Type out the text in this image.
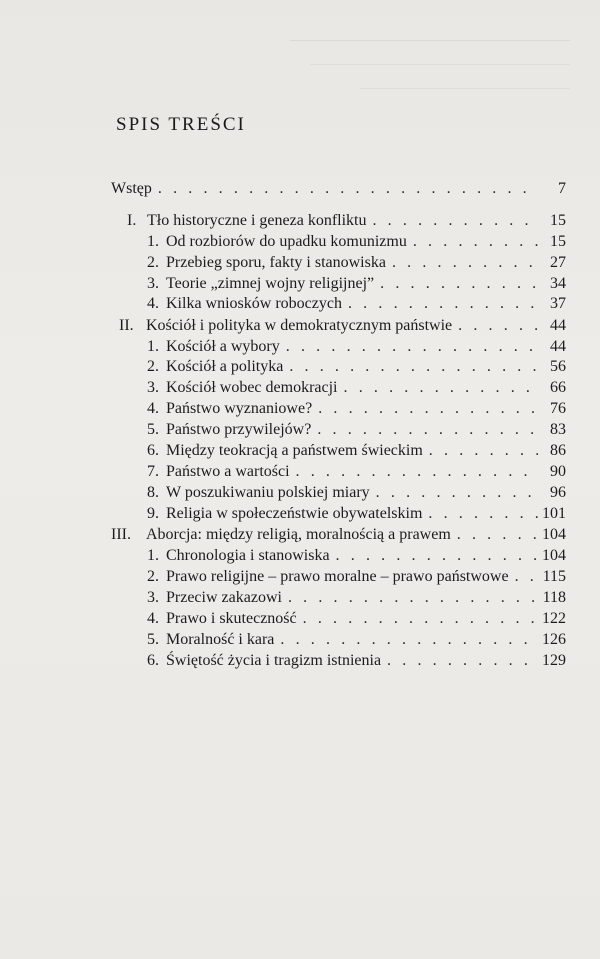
SPIS TREŚCI
Wstęp . . .	7
I. Tło historyczne i geneza konfliktu . . .	15
1. Od rozbiorów do upadku komunizmu . . .	15
2. Przebieg sporu, fakty i stanowiska . . .	27
3. Teorie „zimnej wojny religijnej” . . .	34
4. Kilka wniosków roboczych . . .	37
II. Kościół i polityka w demokratycznym państwie . . .	44
1. Kościół a wybory . . .	44
2. Kościół a polityka . . .	56
3. Kościół wobec demokracji . . .	66
4. Państwo wyznaniowe? . . .	76
5. Państwo przywilejów? . . .	83
6. Między teokracją a państwem świeckim . . .	86
7. Państwo a wartości . . .	90
8. W poszukiwaniu polskiej miary . . .	96
9. Religia w społeczeństwie obywatelskim . . .	101
III. Aborcja: między religią, moralnością a prawem . . .	104
1. Chronologia i stanowiska . . .	104
2. Prawo religijne – prawo moralne – prawo państwowe . . . 115
3. Przeciw zakazowi . . .	118
4. Prawo i skuteczność . . .	122
5. Moralność i kara . . .	126
6. Świętość życia i tragizm istnienia . . .	129
